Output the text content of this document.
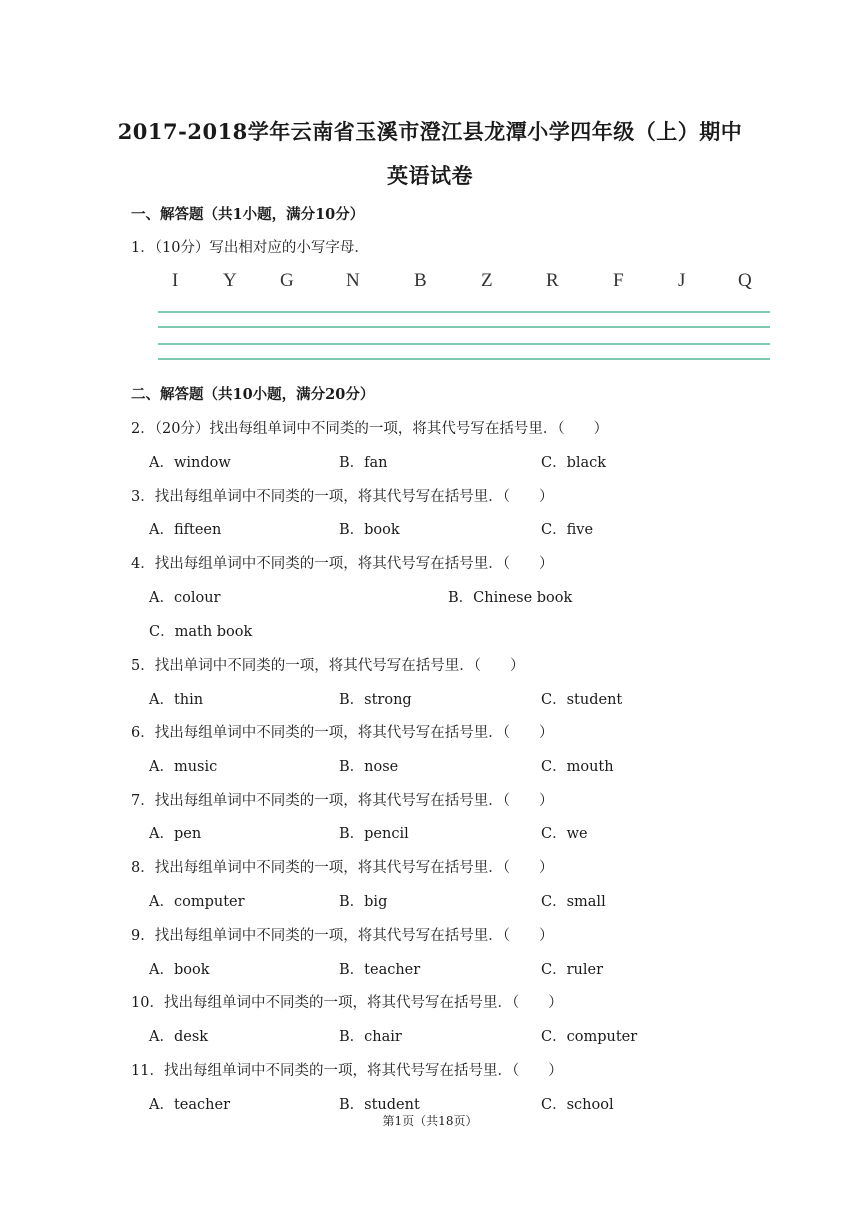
2017-2018学年云南省玉溪市澄江县龙潭小学四年级（上）期中
英语试卷
一、解答题（共1小题，满分10分）
1．（10分）写出相对应的小写字母．
I Y G	N	B	Z	R	F	J	Q
二、解答题（共10小题，满分20分）
2．（20分）找出每组单词中不同类的一项，将其代号写在括号里．（　　）
A．window	B．fan	C．black
3．找出每组单词中不同类的一项，将其代号写在括号里．（　　）
A．fifteen	B．book	C．five
4．找出每组单词中不同类的一项，将其代号写在括号里．（　　）
A．colour	B．Chinese book
C．math book
5．找出单词中不同类的一项，将其代号写在括号里．（　　）
A．thin	B．strong	C．student
6．找出每组单词中不同类的一项，将其代号写在括号里．（　　）
A．music	B．nose	C．mouth
7．找出每组单词中不同类的一项，将其代号写在括号里．（　　）
A．pen	B．pencil	C．we
8．找出每组单词中不同类的一项，将其代号写在括号里．（　　）
A．computer	B．big	C．small
9．找出每组单词中不同类的一项，将其代号写在括号里．（　　）
A．book	B．teacher	C．ruler
10．找出每组单词中不同类的一项，将其代号写在括号里．（　　）
A．desk	B．chair	C．computer
11．找出每组单词中不同类的一项，将其代号写在括号里．（　　）
A．teacher	B．student	C．school
第1页（共18页）
